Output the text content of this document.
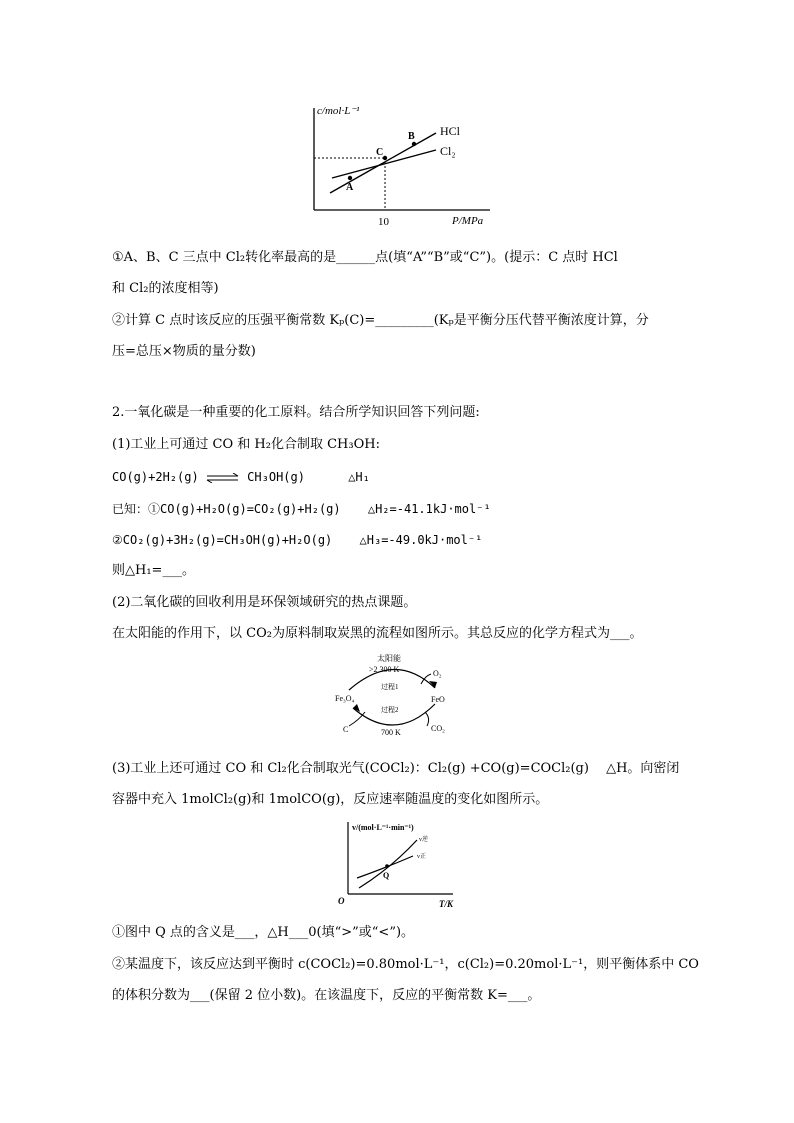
c/mol·L⁻¹
P/MPa
10
A
B
C
HCl
Cl₂
①A、B、C 三点中 Cl₂转化率最高的是______点(填“A”“B”或“C”)。(提示：C 点时 HCl
和 Cl₂的浓度相等)
②计算 C 点时该反应的压强平衡常数 Kₚ(C)=_________(Kₚ是平衡分压代替平衡浓度计算，分
压=总压×物质的量分数)
2.一氧化碳是一种重要的化工原料。结合所学知识回答下列问题:
(1)工业上可通过 CO 和 H₂化合制取 CH₃OH:
CO(g)+2H₂(g) ⇌ CH₃OH(g)	△H₁
已知：①CO(g)+H₂O(g)=CO₂(g)+H₂(g) △H₂=-41.1kJ·mol⁻¹
②CO₂(g)+3H₂(g)=CH₃OH(g)+H₂O(g) △H₃=-49.0kJ·mol⁻¹
则△H₁=___。
(2)二氧化碳的回收利用是环保领域研究的热点课题。
在太阳能的作用下，以 CO₂为原料制取炭黑的流程如图所示。其总反应的化学方程式为___。
太阳能
>2 300 K
过程1
过程2
700 K
Fe₃O₄	FeO
O₂
C	CO₂
(3)工业上还可通过 CO 和 Cl₂化合制取光气(COCl₂)：Cl₂(g) +CO(g)=COCl₂(g)　 △H。向密闭
容器中充入 1molCl₂(g)和 1molCO(g)，反应速率随温度的变化如图所示。
v/(mol·L⁻¹·min⁻¹)
T/K
O
Q
v逆
v正
①图中 Q 点的含义是___，△H___0(填“>”或“<”)。
②某温度下，该反应达到平衡时 c(COCl₂)=0.80mol·L⁻¹，c(Cl₂)=0.20mol·L⁻¹，则平衡体系中 CO
的体积分数为___(保留 2 位小数)。在该温度下，反应的平衡常数 K=___。
